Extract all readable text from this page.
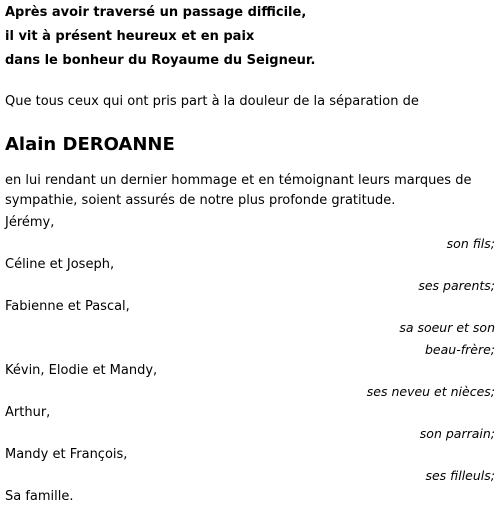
Après avoir traversé un passage difficile,
il vit à présent heureux et en paix
dans le bonheur du Royaume du Seigneur.
Que tous ceux qui ont pris part à la douleur de la séparation de
Alain DEROANNE
en lui rendant un dernier hommage et en témoignant leurs marques de
sympathie, soient assurés de notre plus profonde gratitude.
Jérémy,
son fils;
Céline et Joseph,
ses parents;
Fabienne et Pascal,
sa soeur et son
beau-frère;
Kévin, Elodie et Mandy,
ses neveu et nièces;
Arthur,
son parrain;
Mandy et François,
ses filleuls;
Sa famille.
